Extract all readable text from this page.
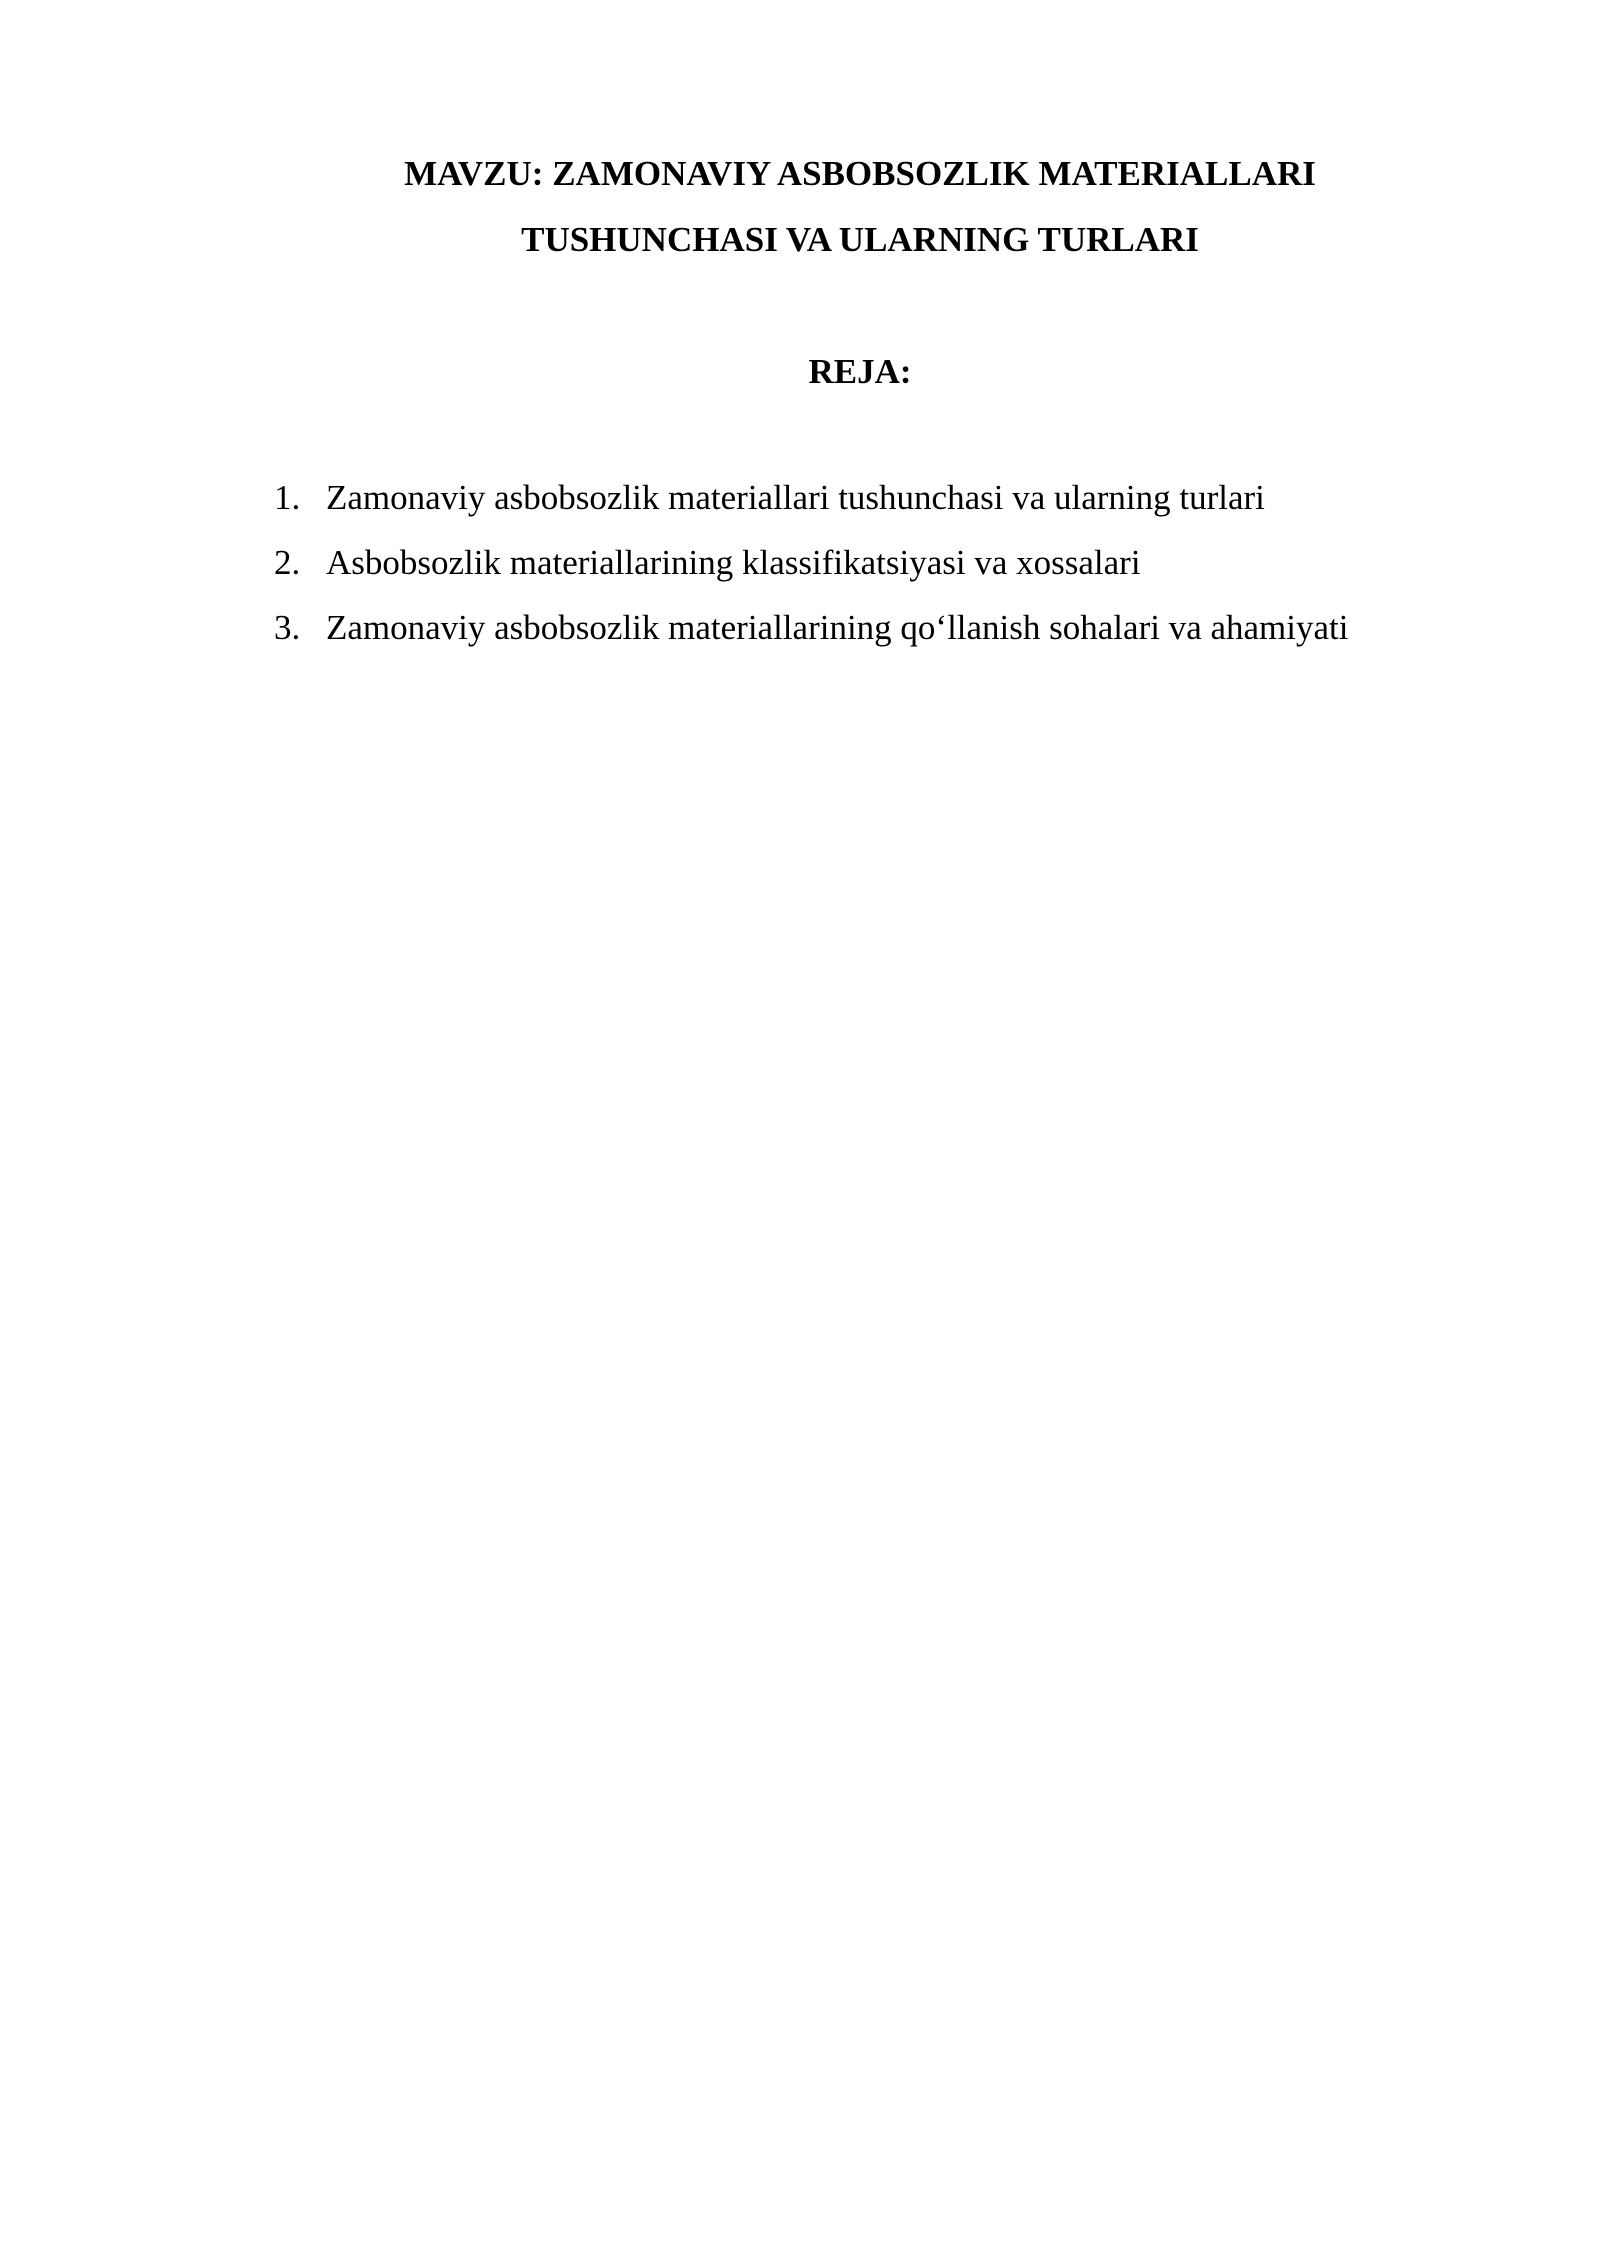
MAVZU: ZAMONAVIY ASBOBSOZLIK MATERIALLARI
TUSHUNCHASI VA ULARNING TURLARI
REJA:
1. Zamonaviy asbobsozlik materiallari tushunchasi va ularning turlari
2. Asbobsozlik materiallarining klassifikatsiyasi va xossalari
3. Zamonaviy asbobsozlik materiallarining qo‘llanish sohalari va ahamiyati
